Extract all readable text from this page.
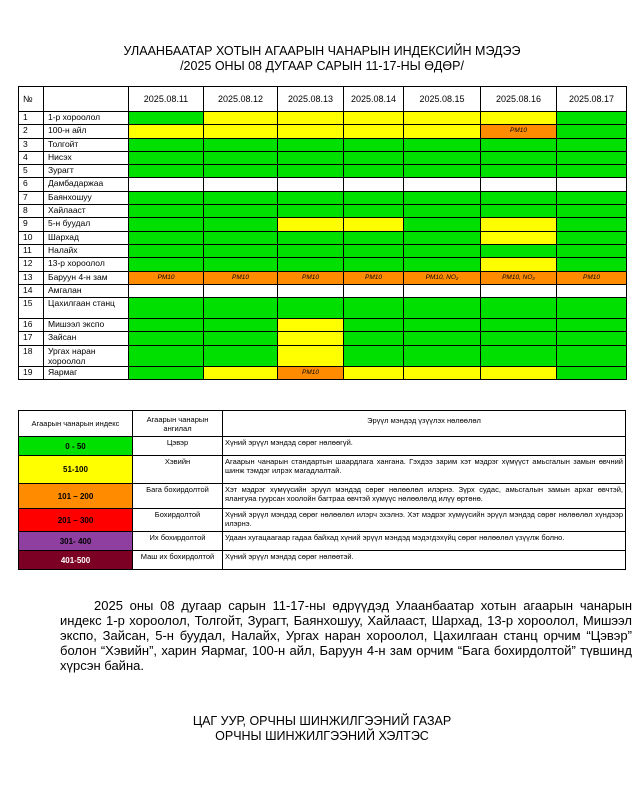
УЛААНБААТАР ХОТЫН АГААРЫН ЧАНАРЫН ИНДЕКСИЙН МЭДЭЭ
/2025 ОНЫ 08 ДУГААР САРЫН 11-17-НЫ ӨДӨР/
№		2025.08.11	2025.08.12	2025.08.13	2025.08.14	2025.08.15	2025.08.16	2025.08.17
1	1-р хороолол							
2	100-н айл						PM10	
3	Толгойт							
4	Нисэх							
5	Зурагт							
6	Дамбадаржаа							
7	Баянхошуу							
8	Хайлааст							
9	5-н буудал							
10	Шархад							
11	Налайх							
12	13-р хороолол							
13	Баруун 4-н зам	PM10	PM10	PM10	PM10	PM10, NO₂	PM10, NO₂	PM10
14	Амгалан							
15	Цахилгаан станц							
16	Мишээл экспо							
17	Зайсан							
18	Ургах наран хороолол							
19	Яармаг			PM10				
Агаарын чанарын индекс	Агаарын чанарын ангилал	Эрүүл мэндэд үзүүлэх нөлөөлөл
0 - 50	Цэвэр	Хүний эрүүл мэндэд сөрөг нөлөөгүй.
51-100	Хэвийн	Агаарын чанарын стандартын шаардлага хангана. Гэхдээ зарим хэт мэдрэг хүмүүст амьсгалын замын өвчний шинж тэмдэг илрэх магадлалтай.
101 – 200	Бага бохирдолтой	Хэт мэдрэг хүмүүсийн эрүүл мэндэд сөрөг нөлөөлөл илэрнэ. Зүрх судас, амьсгалын замын архаг өвчтэй, ялангуяа гуурсан хоолойн багтраа өвчтэй хүмүүс нөлөөлөлд илүү өртөнө.
201 – 300	Бохирдолтой	Хүний эрүүл мэндэд сөрөг нөлөөлөл илэрч эхэлнэ. Хэт мэдрэг хүмүүсийн эрүүл мэндэд сөрөг нөлөөлөл хүндээр илэрнэ.
301- 400	Их бохирдолтой	Удаан хугацаагаар гадаа байхад хүний эрүүл мэндэд мэдэгдэхүйц сөрөг нөлөөлөл үзүүлж болно.
401-500	Маш их бохирдолтой	Хүний эрүүл мэндэд сөрөг нөлөөтэй.
2025 оны 08 дугаар сарын 11-17-ны өдрүүдэд Улаанбаатар хотын агаарын чанарын индекс 1-р хороолол, Толгойт, Зурагт, Баянхошуу, Хайлааст, Шархад, 13-р хороолол, Мишээл экспо, Зайсан, 5-н буудал, Налайх, Ургах наран хороолол, Цахилгаан станц орчим “Цэвэр” болон “Хэвийн”, харин Яармаг, 100-н айл, Баруун 4-н зам орчим “Бага бохирдолтой” түвшинд хүрсэн байна.
ЦАГ УУР, ОРЧНЫ ШИНЖИЛГЭЭНИЙ ГАЗАР
ОРЧНЫ ШИНЖИЛГЭЭНИЙ ХЭЛТЭС
